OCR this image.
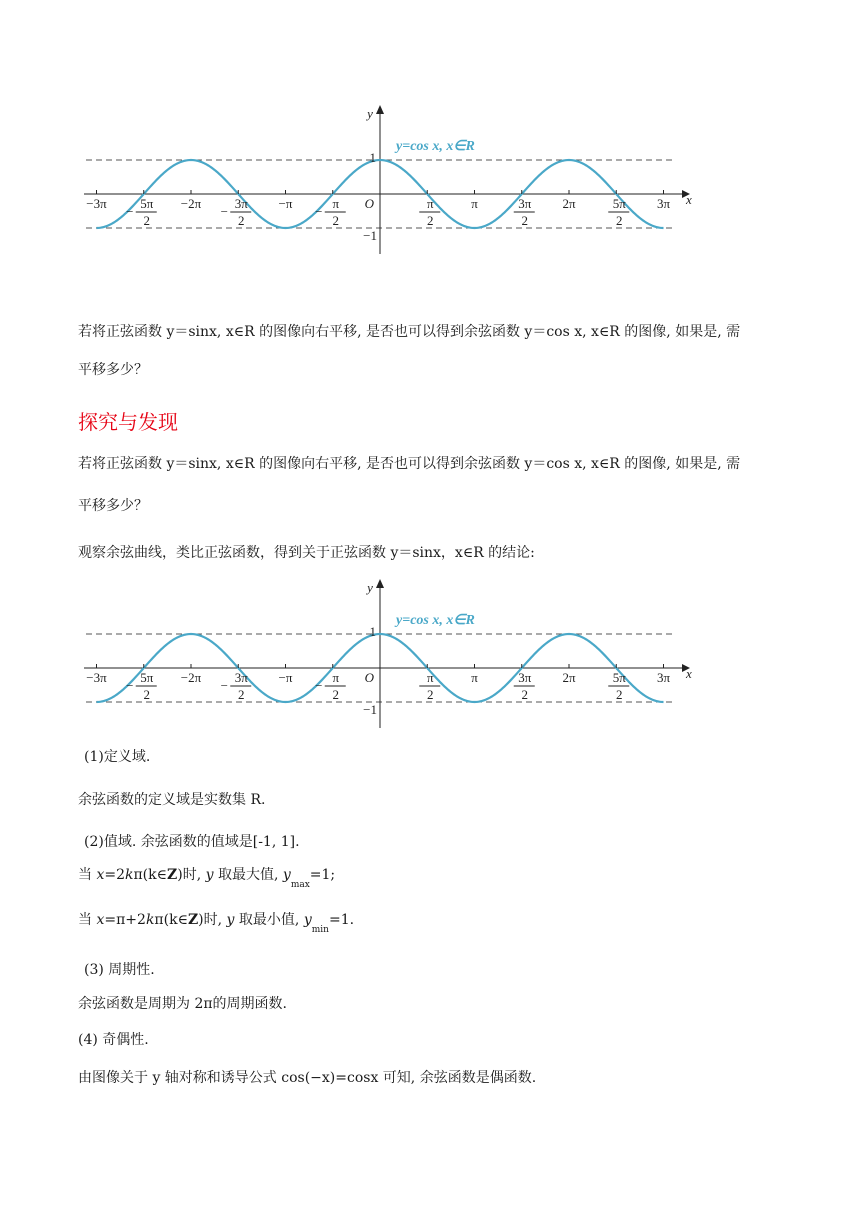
−3π	5π
2
−
−2π	3π
2
−
−π	π
2
−
π
2
π	3π
2
2π	5π
2
3π
O
1
−1
y
x
y=cos x, x∈R
若将正弦函数 y＝sinx, x∈R 的图像向右平移, 是否也可以得到余弦函数 y＝cos x, x∈R 的图像, 如果是, 需
平移多少？
探究与发现
若将正弦函数 y＝sinx, x∈R 的图像向右平移, 是否也可以得到余弦函数 y＝cos x, x∈R 的图像, 如果是, 需
平移多少？
观察余弦曲线，类比正弦函数，得到关于正弦函数 y＝sinx，x∈R 的结论:
−3π	5π
2
−
−2π	3π
2
−
−π	π
2
−
π
2
π	3π
2
2π	5π
2
3π
O
1
−1
y
x
y=cos x, x∈R
(1)定义域.
余弦函数的定义域是实数集 R.
(2)值域. 余弦函数的值域是[-1, 1].
当 x=2kπ(k∈Z)时, y 取最大值, $y_{max}=1$;
当 x=π+2kπ(k∈Z)时, y 取最小值, $y_{min}=1$.
(3) 周期性.
余弦函数是周期为 2π的周期函数.
(4) 奇偶性.
由图像关于 y 轴对称和诱导公式 cos(−x)=cosx 可知, 余弦函数是偶函数.
